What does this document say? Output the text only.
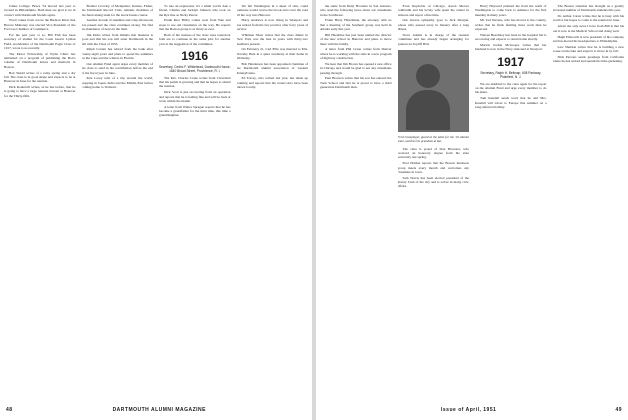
James College. Bruce '34 moved last year to located in Philadelphia. Both men are glad to be in contact with Dartmouth friends again.

Word comes from across the Hudson River that Horace Mahoney was elected Vice President of the Fort Lee Chamber of Commerce.

For the past year or so, Bill Fish has been secretary of alumni for the Coast Guard. Lyman Field, stockholder of the Dartmouth Eagle Class of 1917, wrote to us recently.

The Motor Fellowship of Wynn Clinic has embarked on a program of publishing the Box's volume of Dartmouth letters and memoirs in Boston.

Bob Shedd writes of a rainy spring and a dry fall. The class is in good shape and expects to be at Hanover in June for the reunion.

Dick Rounsvill writes, as he has before, that he is going to have a large reunion turnout at Hanover for the Thirty-fifth.

Brother Crowley of Montpelier, Kansas, Fisher, the Dartmouth Record Club, remains chairman of the fund raising team for the Great Issues course.

Another decade of sunshine and crisp afternoons has passed and the class continues strong. We find an abundance of news in the mail.

Jim Parks writes from Omaha that business is good and that his son will enter Dartmouth in the fall with the Class of 1955.

Ralph Conant has retired from the bank after twenty-eight years and plans to spend the summers on the Cape and the winters in Florida.

Our Alumni Fund agent urges every member of the class to send in his contribution before the end of the fiscal year in June.

Pete Lacey tells of a trip around the world, stopping in Japan, India and the Middle East before coming home to Vermont.

To rate an expression, it's a small world. Ask a friend, Charles and Jacklyn Johnson who took on the Rye line as Nicky Peters.

Prunk Rice Bixby comes west from Yale and stops to see old classmates on the way. He reports that the Boston group is as lively as ever.

Both of the trustees of the class were reelected; both are to continue in the same jobs for another year at the suggestion of the committee.

1916
Secretary, Cedric F. Whitehead, Dartmouth House, 1640 Broad Street, Providence, R. I.

The Rev. Charles Crane writes from Cleveland that his parish is growing and that he hopes to attend the reunion.

Dick Scott is just recovering from an operation and reports that he is feeling fine and will be back at work within the month.

A letter from Walter Sprague reports that he has become a grandfather for the third time, this time a granddaughter.

We felt Washington in a sheet of rain, could someone would weave the brook and cover the road all the way into Hanover.

Harry Andrews is now living in Westport and has retired from his law practice after forty years of service.

Whitman Shaw writes that the class dinner in New York was the best in years with thirty-two members present.

On February 21, Carl Ellis was married to Mrs. Dorothy Hale in a quiet ceremony at their home in Wellesley.

Bob Henderson has been appointed chairman of the Dartmouth alumni association of western Pennsylvania.

Ed Tracey, who retired last year, has taken up painting and reports that his watercolors have been shown locally.

48	DARTMOUTH ALUMNI MAGAZINE

the same from Daily Hoosiers in San Antonio, who send the following news about our classmates in the Southwest.

Frank Harry Hirschman, the attorney, tells us that a meeting of the Southern group was held in Atlanta early this year.

Bill Hazeltine has just been named the director of the new school in Hanover and plans to move there with his family.

A letter from Phil Crane comes from Denver where he is working with the state in a new program of highway construction.

We hear that Jim Brown has opened a new office in Chicago and would be glad to see any classmates passing through.

Paul Bronson writes that his son has entered the Tuck School and that he is proud to have a third generation Dartmouth man.

Evan Reynolds of Chicago, Aaron Mercer Gallbraith and his lovely wife spent the winter in Arizona and report a fine time.

Our sincere sympathy goes to Jack Morgan, whose wife passed away in January after a long illness.

Steve Adams is in charge of the reunion committee and has already begun arranging for quarters in Topliff Hall.

Fred Graepinger, guard at the plate for the '16 Alumni team, watches his grandson at bat.

The class is proud of Don Brewster, who received an honorary degree from his state university last spring.

Fred Holden reports that the Boston luncheon group meets every month and welcomes any classmate in town.

Sam Norris has been elected president of the Rotary Club of his city and is active in many civic affairs.

Harry Hayward planned me from the north of Washington to come back to Amherst for the first meeting in many years.

Mr. Ted Stevens, who has moved to the country, writes that he finds farming more work than he expected.

Warren Beardsley has been in the hospital but is recovering and expects to return home shortly.

Marion Jordan McGregor writes that her husband is now in the Navy stationed at Newport.

1917
Secretary, Ralph H. Belknap, 608 Parkway, Plainfield, N. J.

We are indebted to the class agent for his report on the Alumni Fund and urge every member to do his share.

Tom Kendall sends word that he and Mrs. Kendall will travel to Europe this summer on a long-deferred holiday.

The Boston situation has brought us a greatly increased number of Dartmouth students this year.

Dr. Arthur Carter writes that he is busy with his practice but hopes to come to the reunion in June.

About the only news I have from Bill is that his son is now at the Medical School and doing well.

Hugh Ellsworth is now president of his company and has moved his headquarters to Philadelphia.

Lew Sheldon writes that he is building a new house on the lake and expects to move in by fall.

Dick Parsons sends greetings from California where he has retired and spends his time gardening.

Issue of April, 1951	49
